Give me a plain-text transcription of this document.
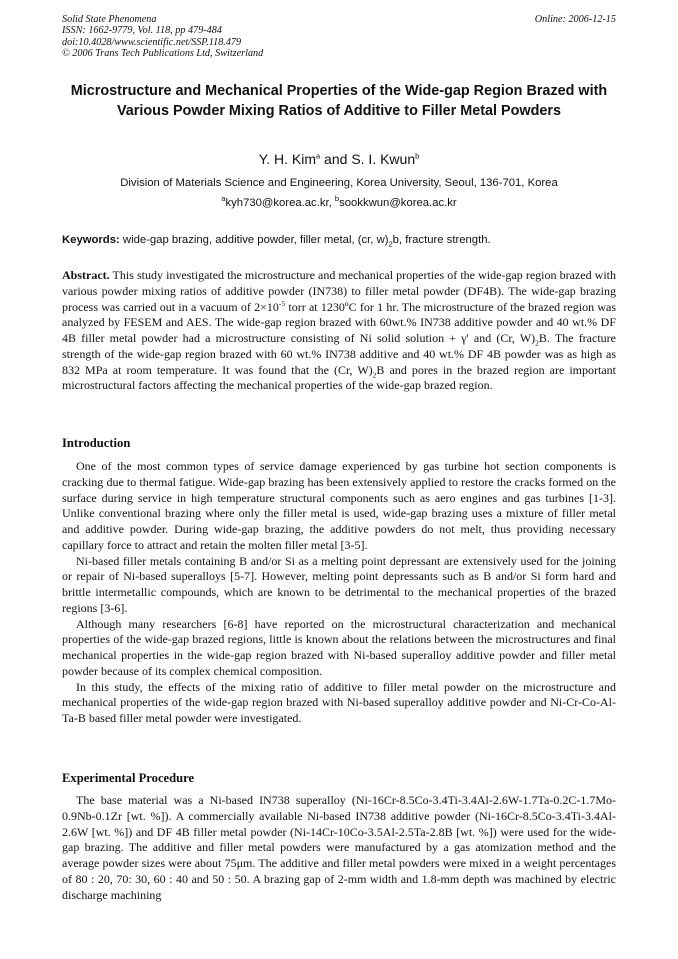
Solid State Phenomena
ISSN: 1662-9779, Vol. 118, pp 479-484
doi:10.4028/www.scientific.net/SSP.118.479
© 2006 Trans Tech Publications Ltd, Switzerland
Online: 2006-12-15
Microstructure and Mechanical Properties of the Wide-gap Region Brazed with Various Powder Mixing Ratios of Additive to Filler Metal Powders
Y. H. Kim$^a$ and S. I. Kwun$^b$
Division of Materials Science and Engineering, Korea University, Seoul, 136-701, Korea
$^a$kyh730@korea.ac.kr, $^b$sookkwun@korea.ac.kr
Keywords: wide-gap brazing, additive powder, filler metal, (cr, $w)_2b$, fracture strength.
Abstract. This study investigated the microstructure and mechanical properties of the wide-gap region brazed with various powder mixing ratios of additive powder (IN738) to filler metal powder (DF4B). The wide-gap brazing process was carried out in a vacuum of $2\times 10^{-5}$ torr at 1230ºC for 1 hr. The microstructure of the brazed region was analyzed by FESEM and AES. The wide-gap region brazed with 60wt.% IN738 additive powder and 40 wt.% DF 4B filler metal powder had a microstructure consisting of Ni solid solution + γ' and (Cr, $W)_2B$. The fracture strength of the wide-gap region brazed with 60 wt.% IN738 additive and 40 wt.% DF 4B powder was as high as 832 MPa at room temperature. It was found that the (Cr, $W)_2B$ and pores in the brazed region are important microstructural factors affecting the mechanical properties of the wide-gap brazed region.
Introduction
One of the most common types of service damage experienced by gas turbine hot section components is cracking due to thermal fatigue. Wide-gap brazing has been extensively applied to restore the cracks formed on the surface during service in high temperature structural components such as aero engines and gas turbines [1-3]. Unlike conventional brazing where only the filler metal is used, wide-gap brazing uses a mixture of filler metal and additive powder. During wide-gap brazing, the additive powders do not melt, thus providing necessary capillary force to attract and retain the molten filler metal [3-5].
Ni-based filler metals containing B and/or Si as a melting point depressant are extensively used for the joining or repair of Ni-based superalloys [5-7]. However, melting point depressants such as B and/or Si form hard and brittle intermetallic compounds, which are known to be detrimental to the mechanical properties of the brazed regions [3-6].
Although many researchers [6-8] have reported on the microstructural characterization and mechanical properties of the wide-gap brazed regions, little is known about the relations between the microstructures and final mechanical properties in the wide-gap region brazed with Ni-based superalloy additive powder and filler metal powder because of its complex chemical composition.
In this study, the effects of the mixing ratio of additive to filler metal powder on the microstructure and mechanical properties of the wide-gap region brazed with Ni-based superalloy additive powder and Ni-Cr-Co-Al-Ta-B based filler metal powder were investigated.
Experimental Procedure
The base material was a Ni-based IN738 superalloy (Ni-16Cr-8.5Co-3.4Ti-3.4Al-2.6W-1.7Ta-0.2C-1.7Mo-0.9Nb-0.1Zr [wt. %]). A commercially available Ni-based IN738 additive powder (Ni-16Cr-8.5Co-3.4Ti-3.4Al-2.6W [wt. %]) and DF 4B filler metal powder (Ni-14Cr-10Co-3.5Al-2.5Ta-2.8B [wt. %]) were used for the wide-gap brazing. The additive and filler metal powders were manufactured by a gas atomization method and the average powder sizes were about 75μm. The additive and filler metal powders were mixed in a weight percentages of 80 : 20, 70: 30, 60 : 40 and 50 : 50. A brazing gap of 2-mm width and 1.8-mm depth was machined by electric discharge machining
